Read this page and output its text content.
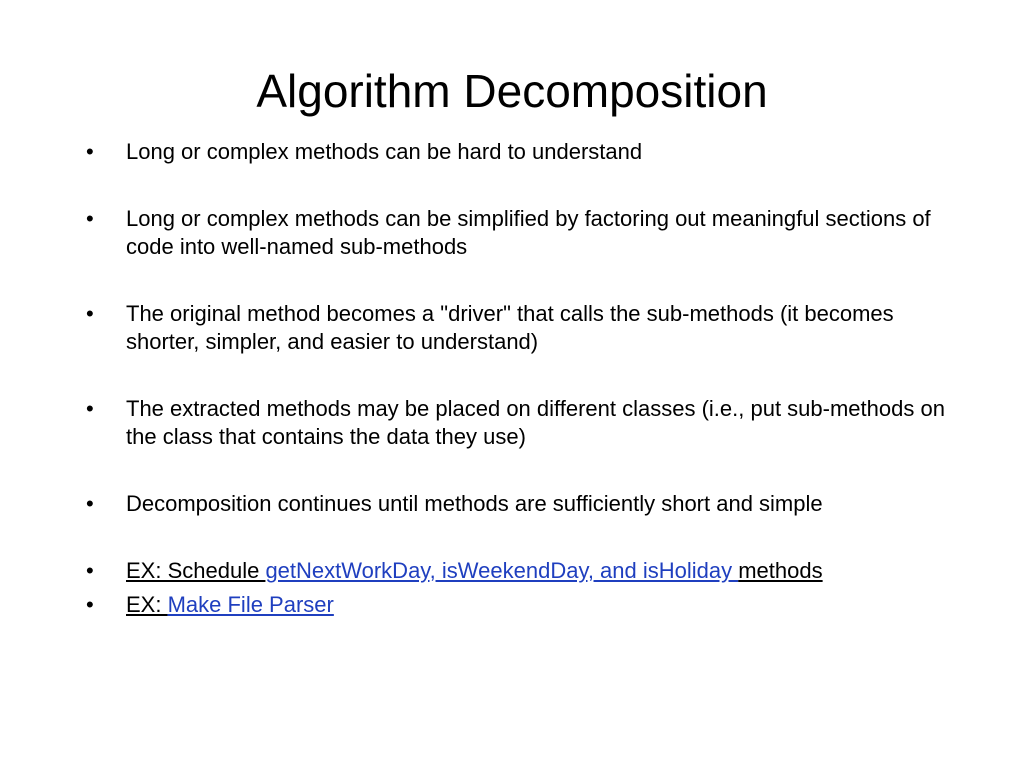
Algorithm Decomposition
•	Long or complex methods can be hard to understand
•	Long or complex methods can be simplified by factoring out meaningful sections of code into well-named sub-methods
•	The original method becomes a "driver" that calls the sub-methods (it becomes shorter, simpler, and easier to understand)
•	The extracted methods may be placed on different classes (i.e., put sub-methods on the class that contains the data they use)
•	Decomposition continues until methods are sufficiently short and simple
•	EX: Schedule getNextWorkDay, isWeekendDay, and isHoliday methods
•	EX: Make File Parser
